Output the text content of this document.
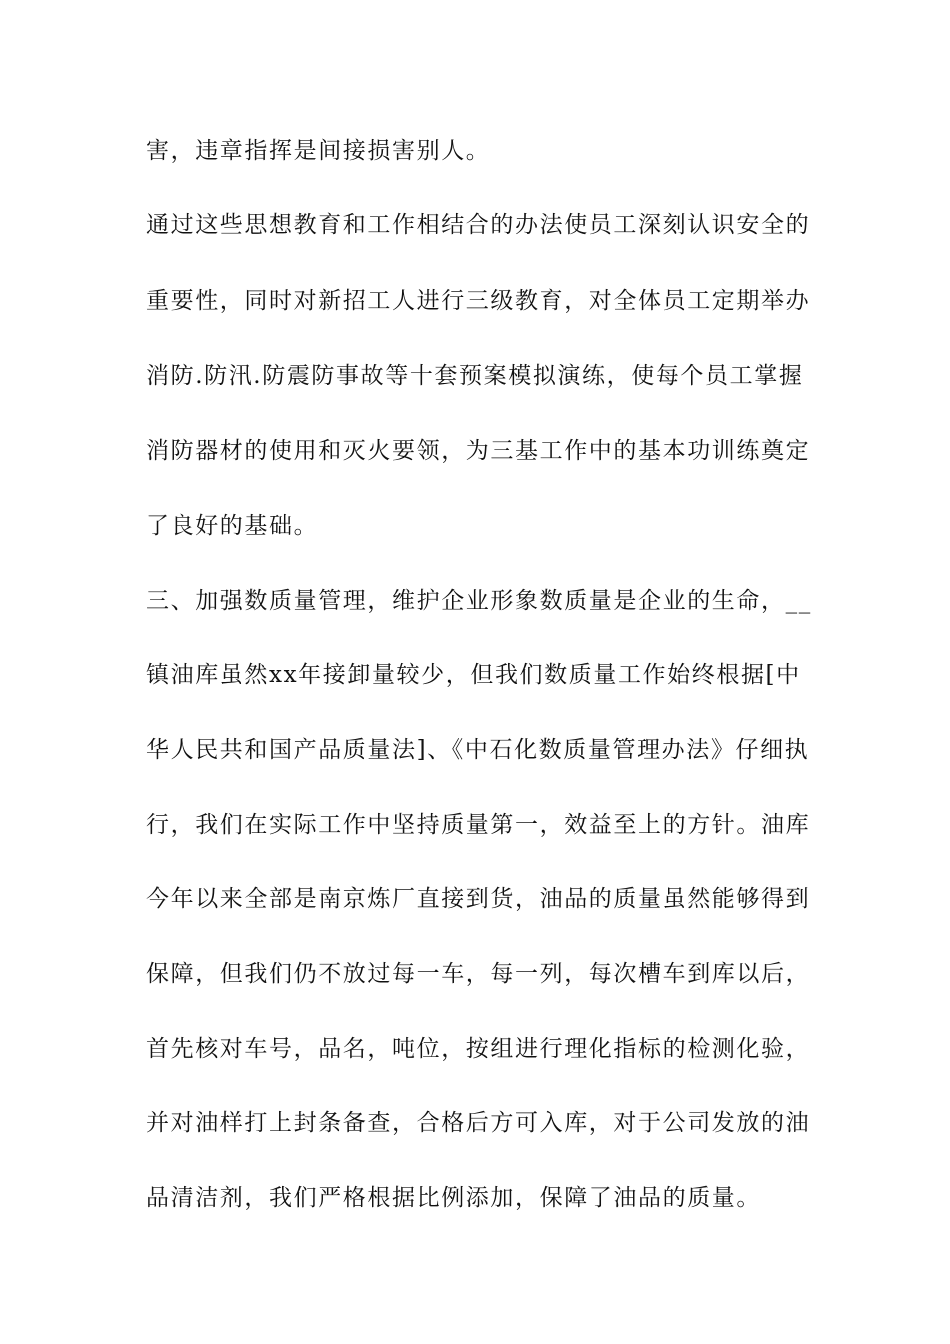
害，违章指挥是间接损害别人。
通过这些思想教育和工作相结合的办法使员工深刻认识安全的
重要性，同时对新招工人进行三级教育，对全体员工定期举办
消防.防汛.防震防事故等十套预案模拟演练，使每个员工掌握
消防器材的使用和灭火要领，为三基工作中的基本功训练奠定
了良好的基础。
三、加强数质量管理，维护企业形象数质量是企业的生命，__
镇油库虽然xx年接卸量较少，但我们数质量工作始终根据[中
华人民共和国产品质量法]、《中石化数质量管理办法》仔细执
行，我们在实际工作中坚持质量第一，效益至上的方针。油库
今年以来全部是南京炼厂直接到货，油品的质量虽然能够得到
保障，但我们仍不放过每一车，每一列，每次槽车到库以后，
首先核对车号，品名，吨位，按组进行理化指标的检测化验，
并对油样打上封条备查，合格后方可入库，对于公司发放的油
品清洁剂，我们严格根据比例添加，保障了油品的质量。
